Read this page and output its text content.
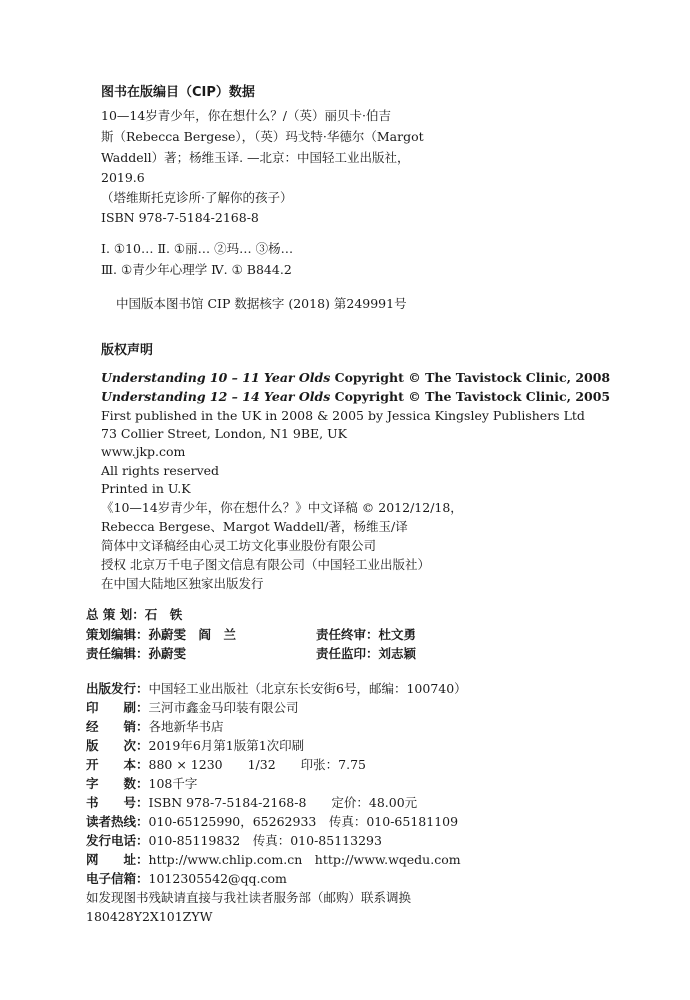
图书在版编目（CIP）数据
10—14岁青少年，你在想什么？/（英）丽贝卡·伯吉
斯（Rebecca Bergese），（英）玛戈特·华德尔（Margot
Waddell）著；杨维玉译. —北京：中国轻工业出版社，
2019.6
（塔维斯托克诊所·了解你的孩子）
ISBN 978-7-5184-2168-8
Ⅰ. ①10… Ⅱ. ①丽… ②玛… ③杨…
Ⅲ. ①青少年心理学 Ⅳ. ① B844.2
中国版本图书馆 CIP 数据核字 (2018) 第249991号
版权声明
Understanding 10 – 11 Year Olds Copyright © The Tavistock Clinic, 2008
Understanding 12 – 14 Year Olds Copyright © The Tavistock Clinic, 2005
First published in the UK in 2008 & 2005 by Jessica Kingsley Publishers Ltd
73 Collier Street, London, N1 9BE, UK
www.jkp.com
All rights reserved
Printed in U.K
《10—14岁青少年，你在想什么？》中文译稿 © 2012/12/18，
Rebecca Bergese、Margot Waddell/著，杨维玉/译
简体中文译稿经由心灵工坊文化事业股份有限公司
授权 北京万千电子图文信息有限公司（中国轻工业出版社）
在中国大陆地区独家出版发行
总 策 划：石　铁
策划编辑：孙蔚雯　阎　兰	责任终审：杜文勇
责任编辑：孙蔚雯	责任监印：刘志颖
出版发行：中国轻工业出版社（北京东长安街6号，邮编：100740）
印　　刷：三河市鑫金马印装有限公司
经　　销：各地新华书店
版　　次：2019年6月第1版第1次印刷
开　　本：880 × 1230　　1/32　　印张：7.75
字　　数：108千字
书　　号：ISBN 978-7-5184-2168-8　　定价：48.00元
读者热线：010-65125990，65262933　传真：010-65181109
发行电话：010-85119832　传真：010-85113293
网　　址：http://www.chlip.com.cn　http://www.wqedu.com
电子信箱：1012305542@qq.com
如发现图书残缺请直接与我社读者服务部（邮购）联系调换
180428Y2X101ZYW
